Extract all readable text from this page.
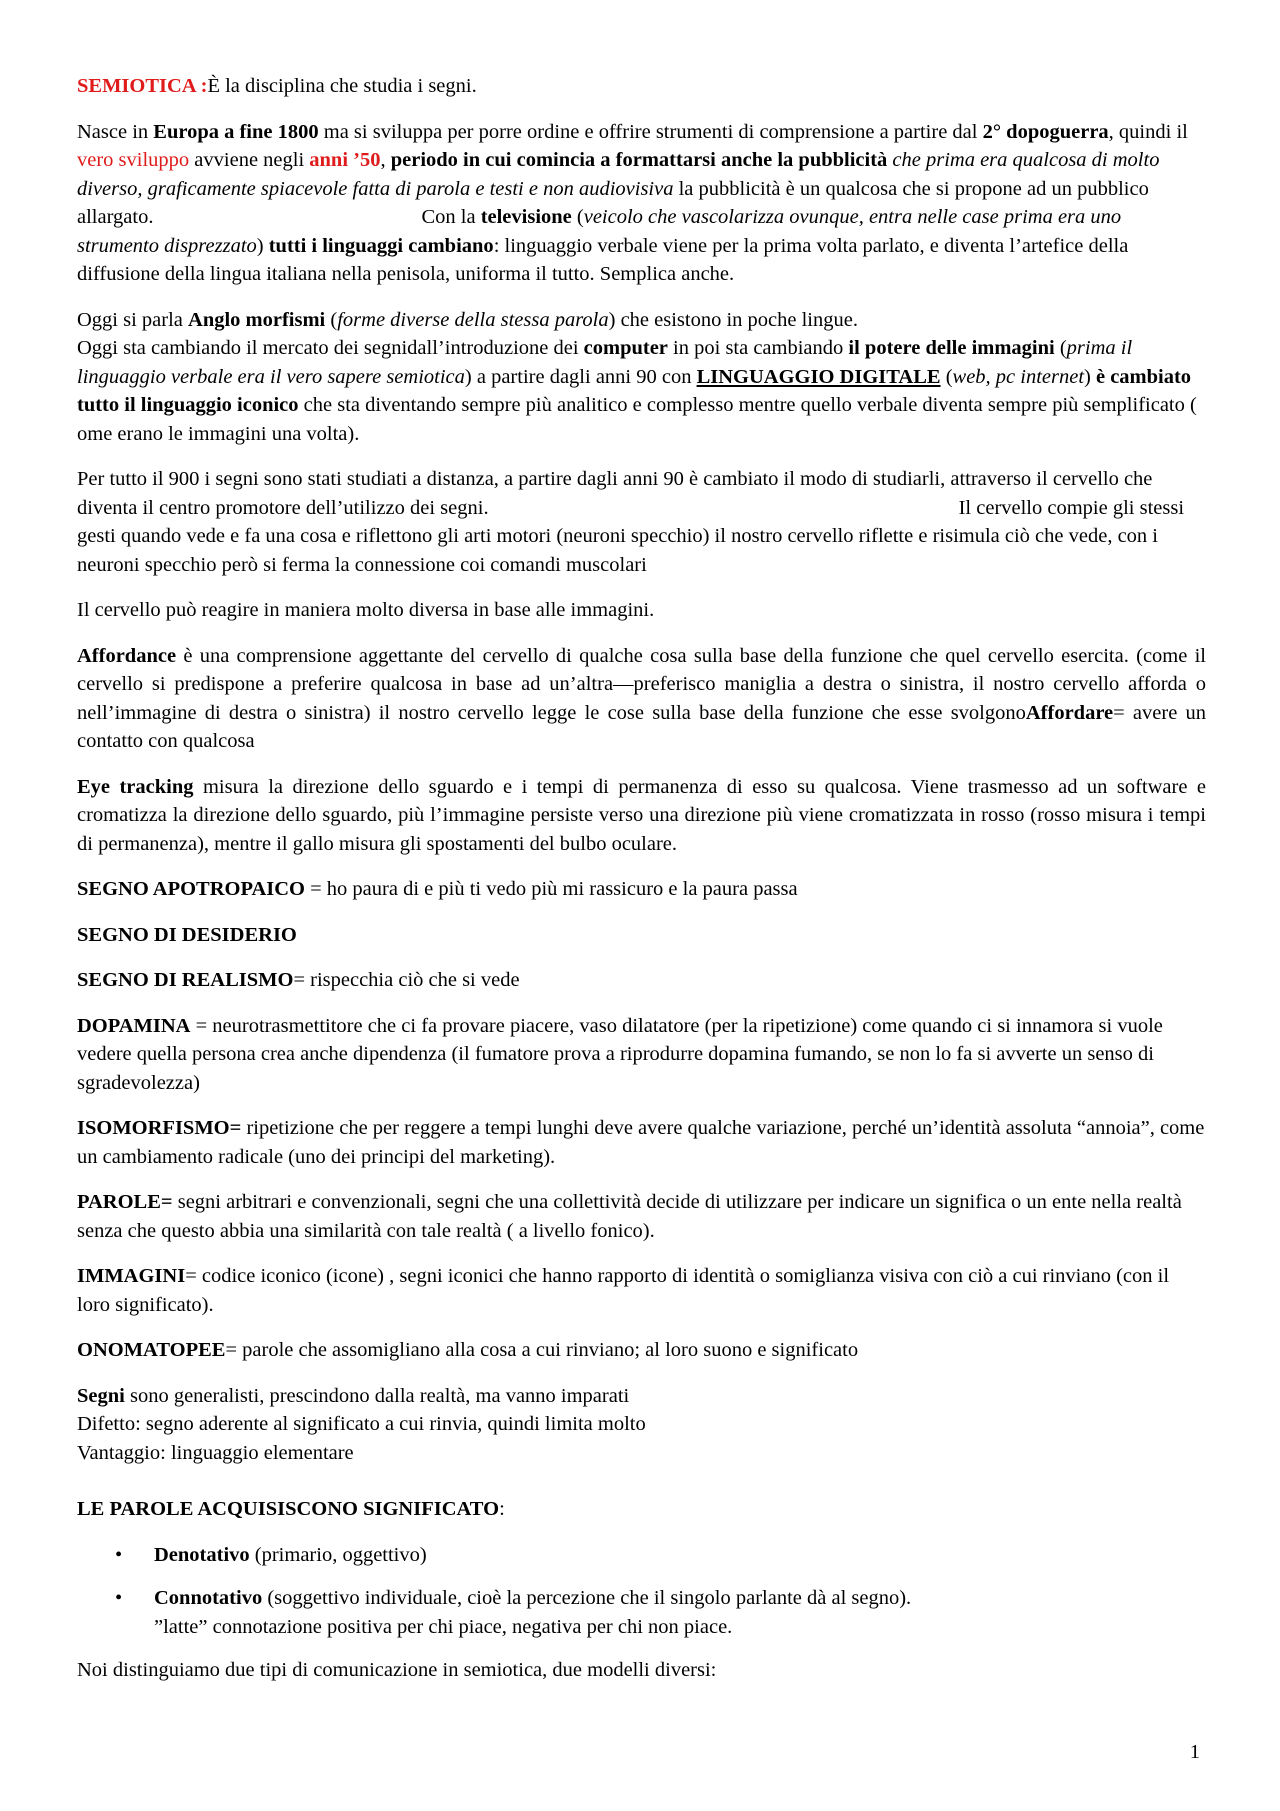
SEMIOTICA :È la disciplina che studia i segni.

Nasce in Europa a fine 1800 ma si sviluppa per porre ordine e offrire strumenti di comprensione a partire dal 2° dopoguerra, quindi il vero sviluppo avviene negli anni ’50, periodo in cui comincia a formattarsi anche la pubblicità che prima era qualcosa di molto diverso, graficamente spiacevole fatta di parola e testi e non audiovisiva la pubblicità è un qualcosa che si propone ad un pubblico allargato.	Con la televisione (veicolo che vascolarizza ovunque, entra nelle case prima era uno strumento disprezzato) tutti i linguaggi cambiano: linguaggio verbale viene per la prima volta parlato, e diventa l’artefice della diffusione della lingua italiana nella penisola, uniforma il tutto. Semplica anche.

Oggi si parla Anglo morfismi (forme diverse della stessa parola) che esistono in poche lingue.
Oggi sta cambiando il mercato dei segnidall’introduzione dei computer in poi sta cambiando il potere delle immagini (prima il linguaggio verbale era il vero sapere semiotica) a partire dagli anni 90 con LINGUAGGIO DIGITALE (web, pc internet) è cambiato tutto il linguaggio iconico che sta diventando sempre più analitico e complesso mentre quello verbale diventa sempre più semplificato ( ome erano le immagini una volta).

Per tutto il 900 i segni sono stati studiati a distanza, a partire dagli anni 90 è cambiato il modo di studiarli, attraverso il cervello che diventa il centro promotore dell’utilizzo dei segni.	Il cervello compie gli stessi gesti quando vede e fa una cosa e riflettono gli arti motori (neuroni specchio) il nostro cervello riflette e risimula ciò che vede, con i neuroni specchio però si ferma la connessione coi comandi muscolari

Il cervello può reagire in maniera molto diversa in base alle immagini.

Affordance è una comprensione aggettante del cervello di qualche cosa sulla base della funzione che quel cervello esercita. (come il cervello si predispone a preferire qualcosa in base ad un’altra—preferisco maniglia a destra o sinistra, il nostro cervello afforda o nell’immagine di destra o sinistra) il nostro cervello legge le cose sulla base della funzione che esse svolgonoAffordare= avere un contatto con qualcosa

Eye tracking misura la direzione dello sguardo e i tempi di permanenza di esso su qualcosa. Viene trasmesso ad un software e cromatizza la direzione dello sguardo, più l’immagine persiste verso una direzione più viene cromatizzata in rosso (rosso misura i tempi di permanenza), mentre il gallo misura gli spostamenti del bulbo oculare.

SEGNO APOTROPAICO = ho paura di e più ti vedo più mi rassicuro e la paura passa

SEGNO DI DESIDERIO

SEGNO DI REALISMO= rispecchia ciò che si vede

DOPAMINA = neurotrasmettitore che ci fa provare piacere, vaso dilatatore (per la ripetizione) come quando ci si innamora si vuole vedere quella persona crea anche dipendenza (il fumatore prova a riprodurre dopamina fumando, se non lo fa si avverte un senso di sgradevolezza)

ISOMORFISMO= ripetizione che per reggere a tempi lunghi deve avere qualche variazione, perché un’identità assoluta “annoia”, come un cambiamento radicale (uno dei principi del marketing).

PAROLE= segni arbitrari e convenzionali, segni che una collettività decide di utilizzare per indicare un significa o un ente nella realtà senza che questo abbia una similarità con tale realtà ( a livello fonico).

IMMAGINI= codice iconico (icone) , segni iconici che hanno rapporto di identità o somiglianza visiva con ciò a cui rinviano (con il loro significato).

ONOMATOPEE= parole che assomigliano alla cosa a cui rinviano; al loro suono e significato

Segni sono generalisti, prescindono dalla realtà, ma vanno imparati
Difetto: segno aderente al significato a cui rinvia, quindi limita molto
Vantaggio: linguaggio elementare

LE PAROLE ACQUISISCONO SIGNIFICATO:

• Denotativo (primario, oggettivo)
• Connotativo (soggettivo individuale, cioè la percezione che il singolo parlante dà al segno).
”latte” connotazione positiva per chi piace, negativa per chi non piace.

Noi distinguiamo due tipi di comunicazione in semiotica, due modelli diversi:

1
